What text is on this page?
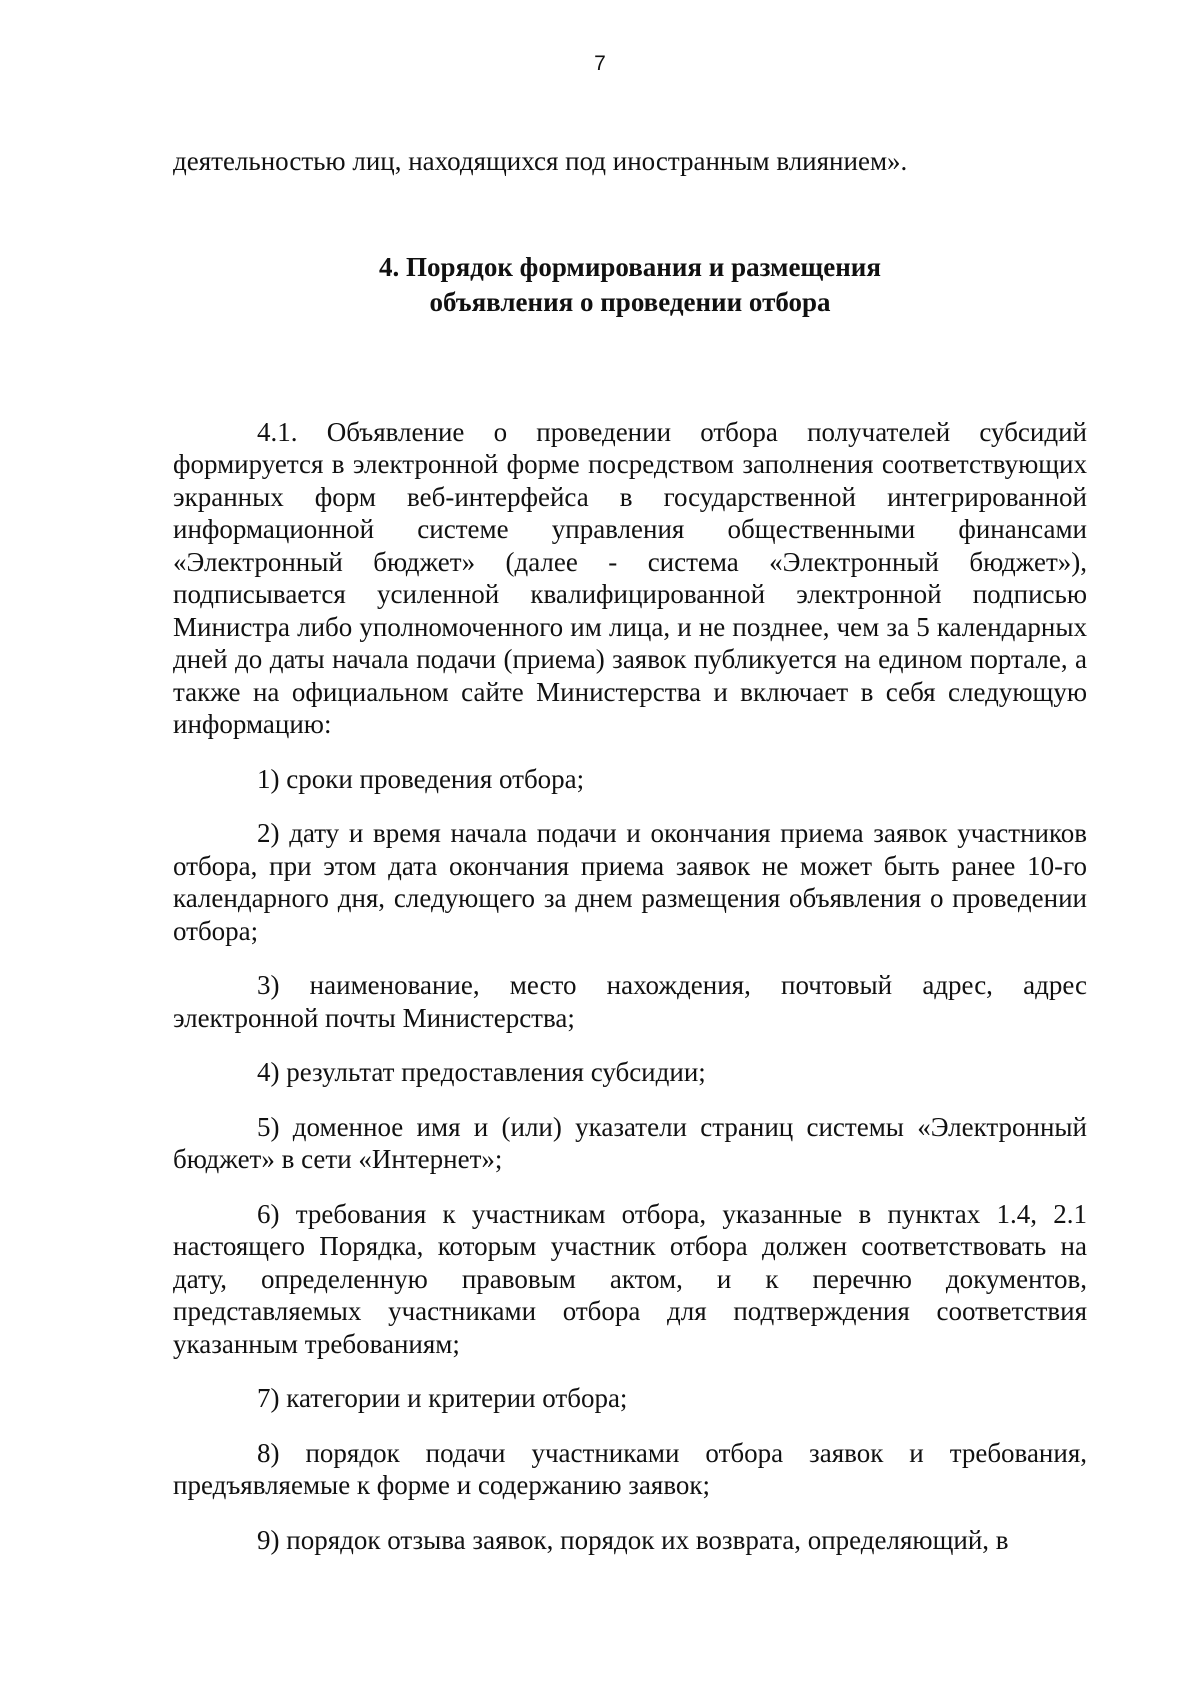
7

деятельностью лиц, находящихся под иностранным влиянием».

4. Порядок формирования и размещения
объявления о проведении отбора

4.1. Объявление о проведении отбора получателей субсидий формируется в электронной форме посредством заполнения соответствующих экранных форм веб-интерфейса в государственной интегрированной информационной системе управления общественными финансами «Электронный бюджет» (далее - система «Электронный бюджет»), подписывается усиленной квалифицированной электронной подписью Министра либо уполномоченного им лица, и не позднее, чем за 5 календарных дней до даты начала подачи (приема) заявок публикуется на едином портале, а также на официальном сайте Министерства и включает в себя следующую информацию:

1) сроки проведения отбора;

2) дату и время начала подачи и окончания приема заявок участников отбора, при этом дата окончания приема заявок не может быть ранее 10-го календарного дня, следующего за днем размещения объявления о проведении отбора;

3) наименование, место нахождения, почтовый адрес, адрес электронной почты Министерства;

4) результат предоставления субсидии;

5) доменное имя и (или) указатели страниц системы «Электронный бюджет» в сети «Интернет»;

6) требования к участникам отбора, указанные в пунктах 1.4, 2.1 настоящего Порядка, которым участник отбора должен соответствовать на дату, определенную правовым актом, и к перечню документов, представляемых участниками отбора для подтверждения соответствия указанным требованиям;

7) категории и критерии отбора;

8) порядок подачи участниками отбора заявок и требования, предъявляемые к форме и содержанию заявок;

9) порядок отзыва заявок, порядок их возврата, определяющий, в
